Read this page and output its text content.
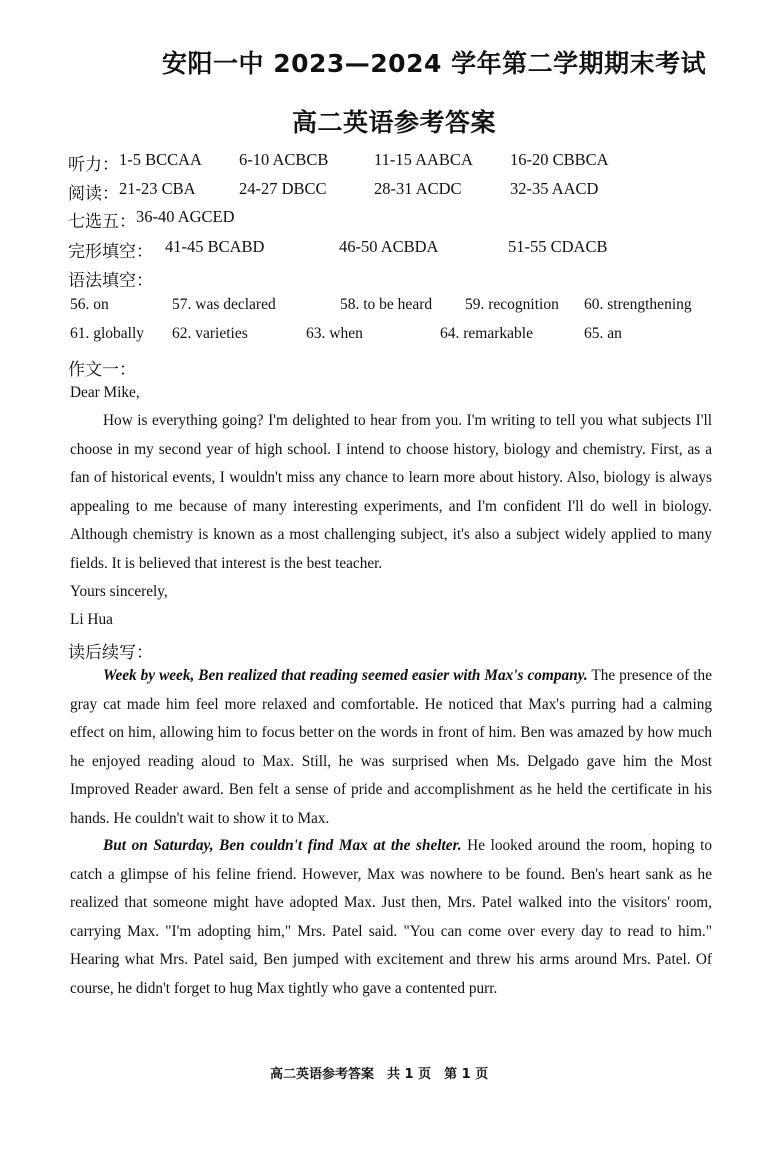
安阳一中 2023—2024 学年第二学期期末考试
高二英语参考答案
听力： 1-5 BCCAA 6-10 ACBCB	11-15 AABCA 16-20 CBBCA
阅读： 21-23 CBA	24-27 DBCC	28-31 ACDC	32-35 AACD
七选五： 36-40 AGCED
完形填空： 41-45 BCABD	46-50 ACBDA	51-55 CDACB
语法填空：
56. on	57. was declared	58. to be heard 59. recognition 60. strengthening
61. globally 62. varieties	63. when	64. remarkable	65. an
作文一：
Dear Mike,
How is everything going? I'm delighted to hear from you. I'm writing to tell you what subjects I'll choose in my second year of high school. I intend to choose history, biology and chemistry. First, as a fan of historical events, I wouldn't miss any chance to learn more about history. Also, biology is always appealing to me because of many interesting experiments, and I'm confident I'll do well in biology. Although chemistry is known as a most challenging subject, it's also a subject widely applied to many fields. It is believed that interest is the best teacher.
Yours sincerely,
Li Hua
读后续写：
Week by week, Ben realized that reading seemed easier with Max's company. The presence of the gray cat made him feel more relaxed and comfortable. He noticed that Max's purring had a calming effect on him, allowing him to focus better on the words in front of him. Ben was amazed by how much he enjoyed reading aloud to Max. Still, he was surprised when Ms. Delgado gave him the Most Improved Reader award. Ben felt a sense of pride and accomplishment as he held the certificate in his hands. He couldn't wait to show it to Max.
But on Saturday, Ben couldn't find Max at the shelter. He looked around the room, hoping to catch a glimpse of his feline friend. However, Max was nowhere to be found. Ben's heart sank as he realized that someone might have adopted Max. Just then, Mrs. Patel walked into the visitors' room, carrying Max. "I'm adopting him," Mrs. Patel said. "You can come over every day to read to him." Hearing what Mrs. Patel said, Ben jumped with excitement and threw his arms around Mrs. Patel. Of course, he didn't forget to hug Max tightly who gave a contented purr.
高二英语参考答案　共 1 页　第 1 页
